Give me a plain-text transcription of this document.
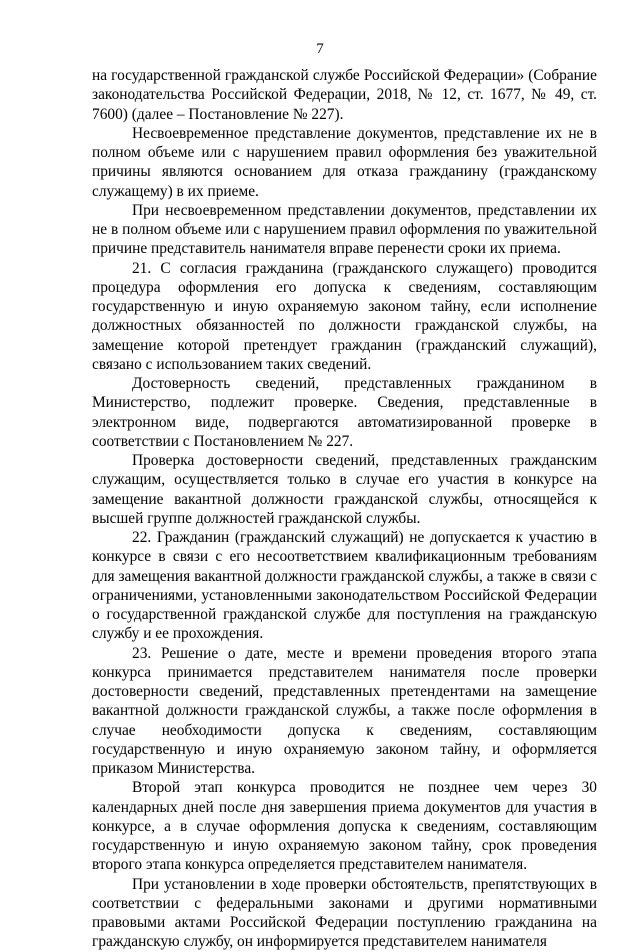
7

на государственной гражданской службе Российской Федерации» (Собрание законодательства Российской Федерации, 2018, № 12, ст. 1677, № 49, ст. 7600) (далее – Постановление № 227).

Несвоевременное представление документов, представление их не в полном объеме или с нарушением правил оформления без уважительной причины являются основанием для отказа гражданину (гражданскому служащему) в их приеме.

При несвоевременном представлении документов, представлении их не в полном объеме или с нарушением правил оформления по уважительной причине представитель нанимателя вправе перенести сроки их приема.

21. С согласия гражданина (гражданского служащего) проводится процедура оформления его допуска к сведениям, составляющим государственную и иную охраняемую законом тайну, если исполнение должностных обязанностей по должности гражданской службы, на замещение которой претендует гражданин (гражданский служащий), связано с использованием таких сведений.

Достоверность сведений, представленных гражданином в Министерство, подлежит проверке. Сведения, представленные в электронном виде, подвергаются автоматизированной проверке в соответствии с Постановлением № 227.

Проверка достоверности сведений, представленных гражданским служащим, осуществляется только в случае его участия в конкурсе на замещение вакантной должности гражданской службы, относящейся к высшей группе должностей гражданской службы.

22. Гражданин (гражданский служащий) не допускается к участию в конкурсе в связи с его несоответствием квалификационным требованиям для замещения вакантной должности гражданской службы, а также в связи с ограничениями, установленными законодательством Российской Федерации о государственной гражданской службе для поступления на гражданскую службу и ее прохождения.

23. Решение о дате, месте и времени проведения второго этапа конкурса принимается представителем нанимателя после проверки достоверности сведений, представленных претендентами на замещение вакантной должности гражданской службы, а также после оформления в случае необходимости допуска к сведениям, составляющим государственную и иную охраняемую законом тайну, и оформляется приказом Министерства.

Второй этап конкурса проводится не позднее чем через 30 календарных дней после дня завершения приема документов для участия в конкурсе, а в случае оформления допуска к сведениям, составляющим государственную и иную охраняемую законом тайну, срок проведения второго этапа конкурса определяется представителем нанимателя.

При установлении в ходе проверки обстоятельств, препятствующих в соответствии с федеральными законами и другими нормативными правовыми актами Российской Федерации поступлению гражданина на гражданскую службу, он информируется представителем нанимателя
